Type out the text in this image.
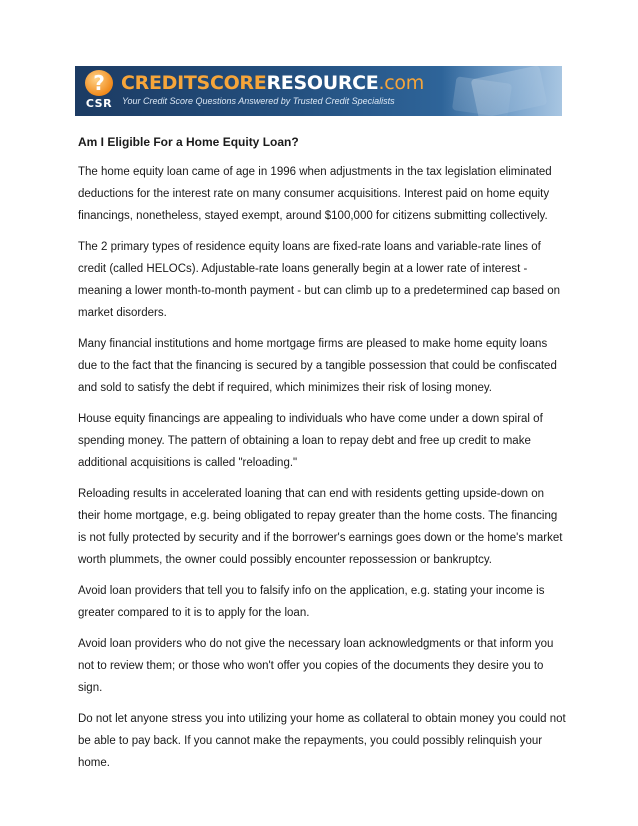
?
CSR
CREDITSCORERESOURCE.com
Your Credit Score Questions Answered by Trusted Credit Specialists
Am I Eligible For a Home Equity Loan?

The home equity loan came of age in 1996 when adjustments in the tax legislation eliminated deductions for the interest rate on many consumer acquisitions. Interest paid on home equity financings, nonetheless, stayed exempt, around $100,000 for citizens submitting collectively.

The 2 primary types of residence equity loans are fixed-rate loans and variable-rate lines of credit (called HELOCs). Adjustable-rate loans generally begin at a lower rate of interest - meaning a lower month-to-month payment - but can climb up to a predetermined cap based on market disorders.

Many financial institutions and home mortgage firms are pleased to make home equity loans due to the fact that the financing is secured by a tangible possession that could be confiscated and sold to satisfy the debt if required, which minimizes their risk of losing money.

House equity financings are appealing to individuals who have come under a down spiral of spending money. The pattern of obtaining a loan to repay debt and free up credit to make additional acquisitions is called "reloading."

Reloading results in accelerated loaning that can end with residents getting upside-down on their home mortgage, e.g. being obligated to repay greater than the home costs. The financing is not fully protected by security and if the borrower's earnings goes down or the home's market worth plummets, the owner could possibly encounter repossession or bankruptcy.

Avoid loan providers that tell you to falsify info on the application, e.g. stating your income is greater compared to it is to apply for the loan.

Avoid loan providers who do not give the necessary loan acknowledgments or that inform you not to review them; or those who won't offer you copies of the documents they desire you to sign.

Do not let anyone stress you into utilizing your home as collateral to obtain money you could not be able to pay back. If you cannot make the repayments, you could possibly relinquish your home.
